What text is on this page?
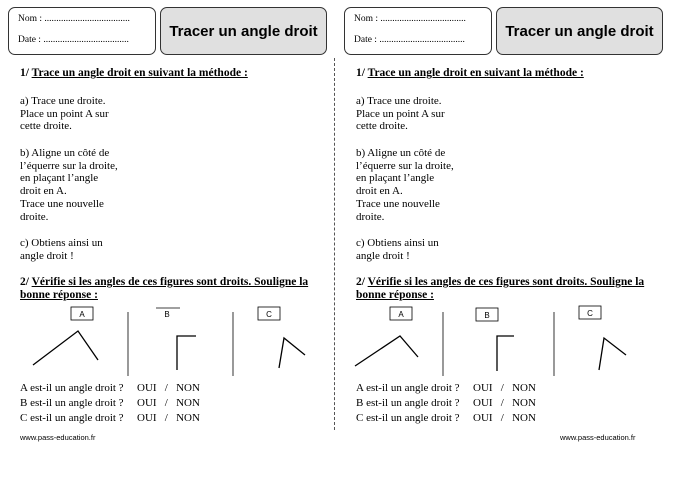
Nom : ....................................
Date : ....................................
Tracer un angle droit
1/ Trace un angle droit en suivant la méthode :
a) Trace une droite.
Place un point A sur
cette droite.
b) Aligne un côté de
l’équerre sur la droite,
en plaçant l’angle
droit en A.
Trace une nouvelle
droite.
c) Obtiens ainsi un
angle droit !
2/ Vérifie si les angles de ces figures sont droits. Souligne la bonne réponse :
A	B	C
A est-il un angle droit ? OUI   /   NON
B est-il un angle droit ? OUI   /   NON
C est-il un angle droit ? OUI   /   NON
www.pass-education.fr
Nom : ....................................
Date : ....................................
Tracer un angle droit
1/ Trace un angle droit en suivant la méthode :
a) Trace une droite.
Place un point A sur
cette droite.
b) Aligne un côté de
l’équerre sur la droite,
en plaçant l’angle
droit en A.
Trace une nouvelle
droite.
c) Obtiens ainsi un
angle droit !
2/ Vérifie si les angles de ces figures sont droits. Souligne la bonne réponse :
A	B	C
A est-il un angle droit ? OUI   /   NON
B est-il un angle droit ? OUI   /   NON
C est-il un angle droit ? OUI   /   NON
www.pass-education.fr
